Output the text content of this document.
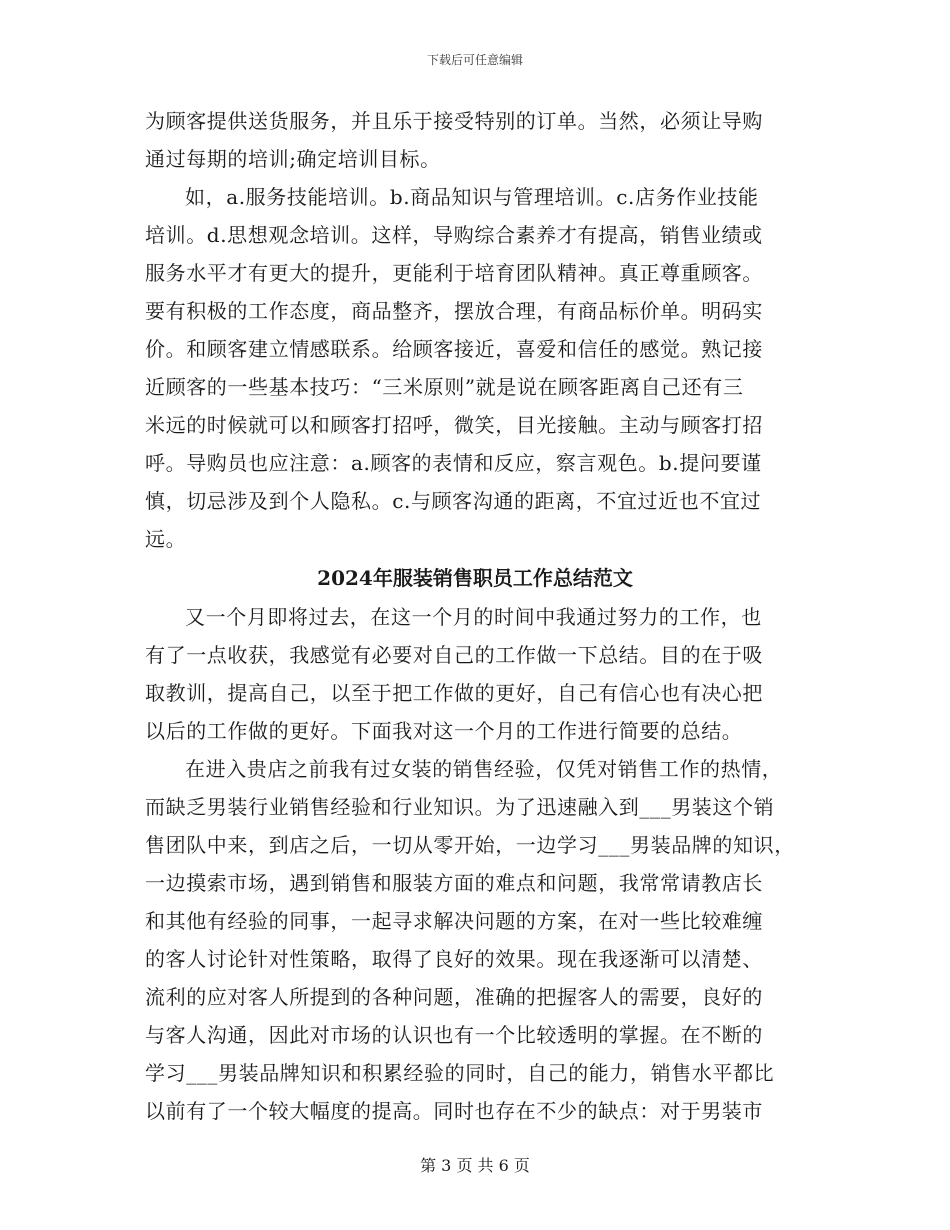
下载后可任意编辑
为顾客提供送货服务，并且乐于接受特别的订单。当然，必须让导购
通过每期的培训;确定培训目标。
如，a.服务技能培训。b.商品知识与管理培训。c.店务作业技能
培训。d.思想观念培训。这样，导购综合素养才有提高，销售业绩或
服务水平才有更大的提升，更能利于培育团队精神。真正尊重顾客。
要有积极的工作态度，商品整齐，摆放合理，有商品标价单。明码实
价。和顾客建立情感联系。给顾客接近，喜爱和信任的感觉。熟记接
近顾客的一些基本技巧：“三米原则”就是说在顾客距离自己还有三
米远的时候就可以和顾客打招呼，微笑，目光接触。主动与顾客打招
呼。导购员也应注意：a.顾客的表情和反应，察言观色。b.提问要谨
慎，切忌涉及到个人隐私。c.与顾客沟通的距离，不宜过近也不宜过
远。
2024年服装销售职员工作总结范文
又一个月即将过去，在这一个月的时间中我通过努力的工作，也
有了一点收获，我感觉有必要对自己的工作做一下总结。目的在于吸
取教训，提高自己，以至于把工作做的更好，自己有信心也有决心把
以后的工作做的更好。下面我对这一个月的工作进行简要的总结。
在进入贵店之前我有过女装的销售经验，仅凭对销售工作的热情，
而缺乏男装行业销售经验和行业知识。为了迅速融入到___男装这个销
售团队中来，到店之后，一切从零开始，一边学习___男装品牌的知识，
一边摸索市场，遇到销售和服装方面的难点和问题，我常常请教店长
和其他有经验的同事，一起寻求解决问题的方案，在对一些比较难缠
的客人讨论针对性策略，取得了良好的效果。现在我逐渐可以清楚、
流利的应对客人所提到的各种问题，准确的把握客人的需要，良好的
与客人沟通，因此对市场的认识也有一个比较透明的掌握。在不断的
学习___男装品牌知识和积累经验的同时，自己的能力，销售水平都比
以前有了一个较大幅度的提高。同时也存在不少的缺点：对于男装市
第 3 页 共 6 页
